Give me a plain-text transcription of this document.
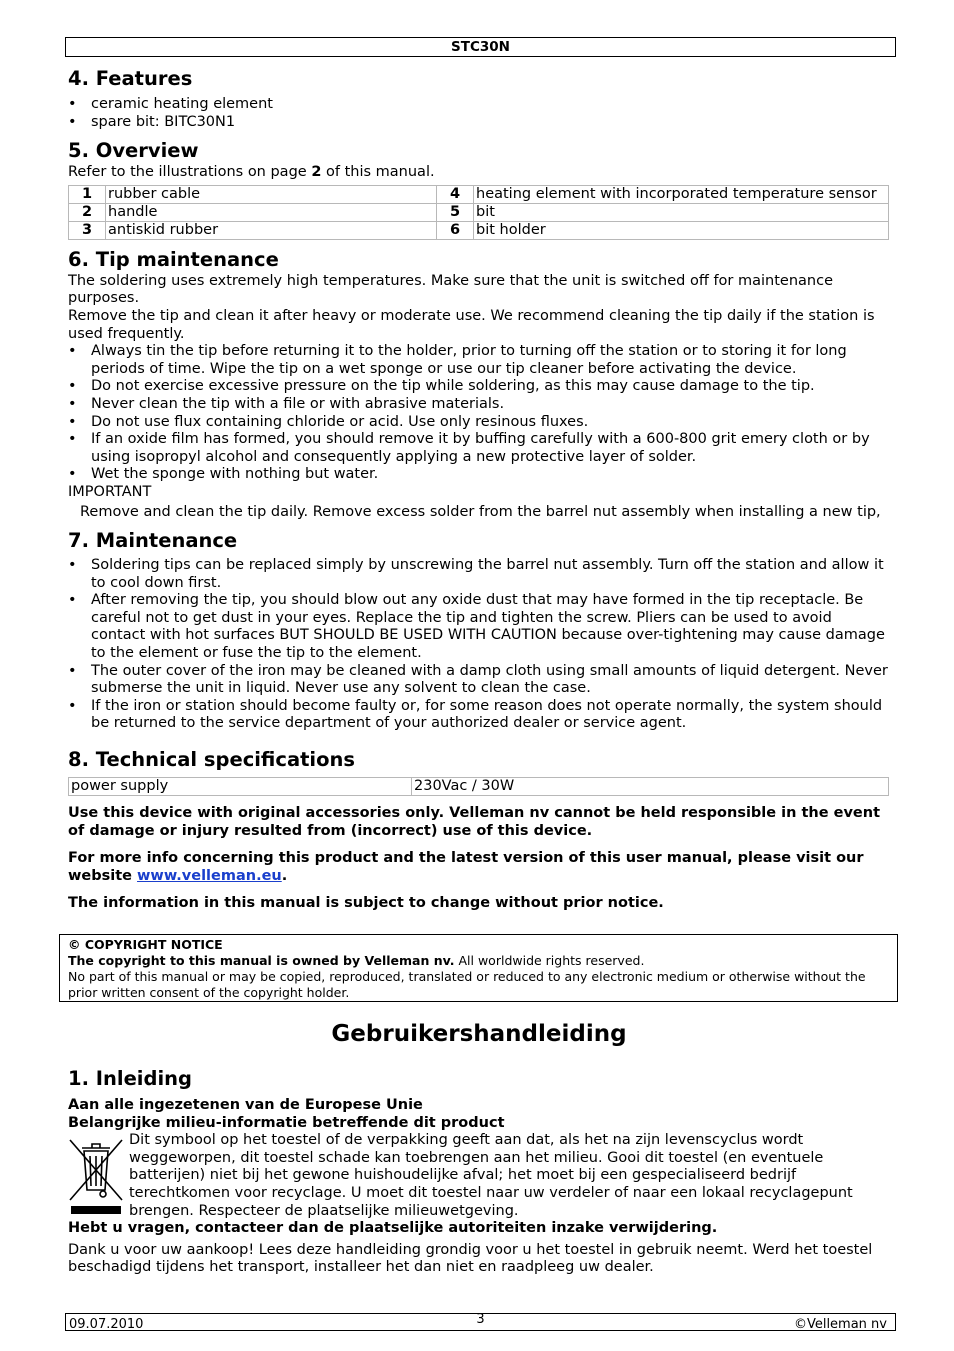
STC30N
4. Features
• ceramic heating element
• spare bit: BITC30N1
5. Overview

Refer to the illustrations on page 2 of this manual.

1	rubber cable	4	heating element with incorporated temperature sensor
2	handle	5	bit
3	antiskid rubber	6	bit holder
6. Tip maintenance

The soldering uses extremely high temperatures. Make sure that the unit is switched off for maintenance purposes.

Remove the tip and clean it after heavy or moderate use. We recommend cleaning the tip daily if the station is used frequently.

• Always tin the tip before returning it to the holder, prior to turning off the station or to storing it for long periods of time. Wipe the tip on a wet sponge or use our tip cleaner before activating the device.
• Do not exercise excessive pressure on the tip while soldering, as this may cause damage to the tip.
• Never clean the tip with a file or with abrasive materials.
• Do not use flux containing chloride or acid. Use only resinous fluxes.
• If an oxide film has formed, you should remove it by buffing carefully with a 600-800 grit emery cloth or by using isopropyl alcohol and consequently applying a new protective layer of solder.
• Wet the sponge with nothing but water.

IMPORTANT

Remove and clean the tip daily. Remove excess solder from the barrel nut assembly when installing a new tip,

7. Maintenance
• Soldering tips can be replaced simply by unscrewing the barrel nut assembly. Turn off the station and allow it to cool down first.
• After removing the tip, you should blow out any oxide dust that may have formed in the tip receptacle. Be careful not to get dust in your eyes. Replace the tip and tighten the screw. Pliers can be used to avoid contact with hot surfaces BUT SHOULD BE USED WITH CAUTION because over-tightening may cause damage to the element or fuse the tip to the element.
• The outer cover of the iron may be cleaned with a damp cloth using small amounts of liquid detergent. Never submerse the unit in liquid. Never use any solvent to clean the case.
• If the iron or station should become faulty or, for some reason does not operate normally, the system should be returned to the service department of your authorized dealer or service agent.
8. Technical specifications
power supply	230Vac / 30W

Use this device with original accessories only. Velleman nv cannot be held responsible in the event of damage or injury resulted from (incorrect) use of this device.

For more info concerning this product and the latest version of this user manual, please visit our website www.velleman.eu.

The information in this manual is subject to change without prior notice.

© COPYRIGHT NOTICE
The copyright to this manual is owned by Velleman nv. All worldwide rights reserved.
No part of this manual or may be copied, reproduced, translated or reduced to any electronic medium or otherwise without the prior written consent of the copyright holder.
Gebruikershandleiding
1. Inleiding

Aan alle ingezetenen van de Europese Unie

Belangrijke milieu-informatie betreffende dit product

Dit symbool op het toestel of de verpakking geeft aan dat, als het na zijn levenscyclus wordt weggeworpen, dit toestel schade kan toebrengen aan het milieu. Gooi dit toestel (en eventuele batterijen) niet bij het gewone huishoudelijke afval; het moet bij een gespecialiseerd bedrijf terechtkomen voor recyclage. U moet dit toestel naar uw verdeler of naar een lokaal recyclagepunt brengen. Respecteer de plaatselijke milieuwetgeving.

Hebt u vragen, contacteer dan de plaatselijke autoriteiten inzake verwijdering.

Dank u voor uw aankoop! Lees deze handleiding grondig voor u het toestel in gebruik neemt. Werd het toestel beschadigd tijdens het transport, installeer het dan niet en raadpleeg uw dealer.

09.07.2010	3	©Velleman nv
